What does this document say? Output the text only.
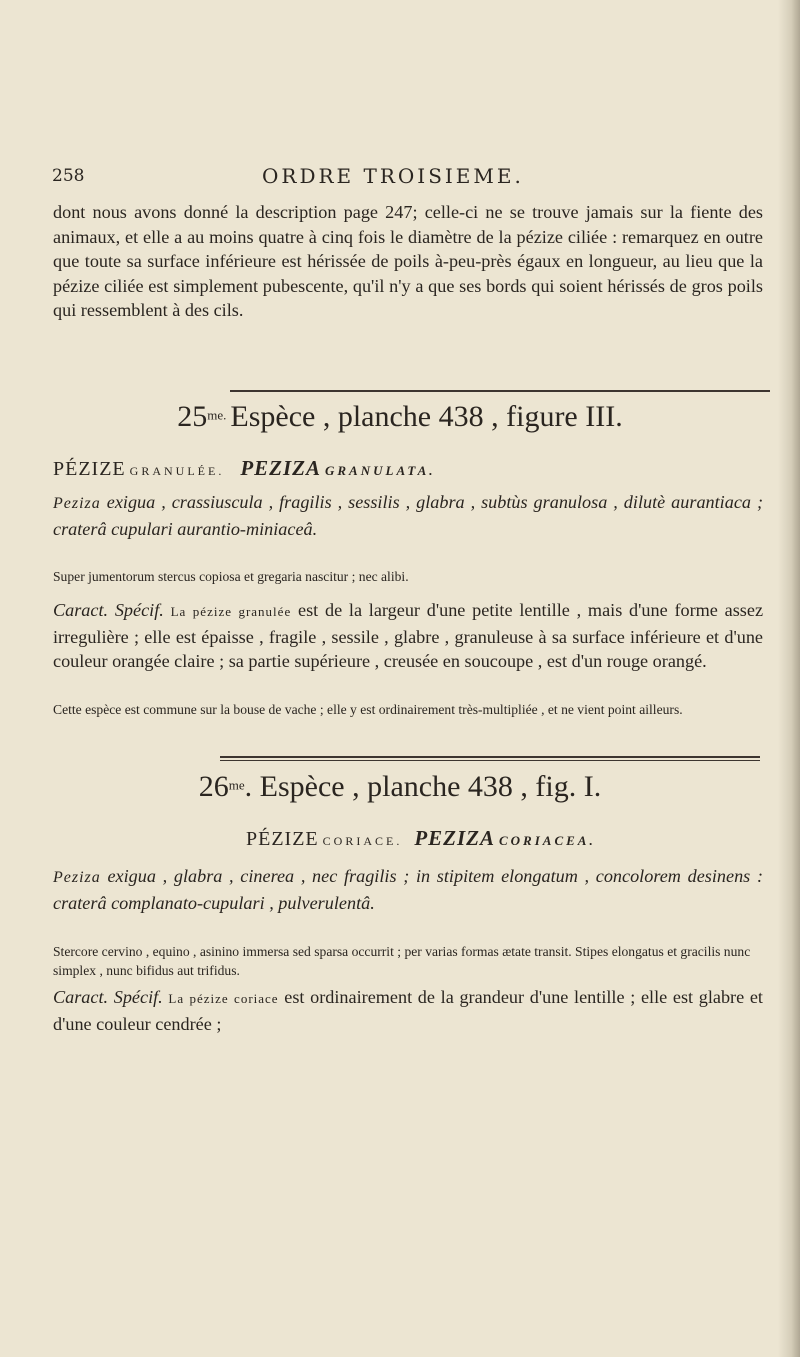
258	ORDRE TROISIEME.
dont nous avons donné la description page 247; celle-ci ne se trouve jamais sur la fiente des animaux, et elle a au moins quatre à cinq fois le diamètre de la pézize ciliée : remarquez en outre que toute sa surface inférieure est hérissée de poils à-peu-près égaux en longueur, au lieu que la pézize ciliée est simplement pubescente, qu'il n'y a que ses bords qui soient hérissés de gros poils qui ressemblent à des cils.
$25^{me.}$ Espèce , planche 438 , figure III.
PÉZIZE GRANULÉE. PEZIZA GRANULATA.
Peziza exigua , crassiuscula , fragilis , sessilis , glabra , subtùs granulosa , dilutè aurantiaca ; craterâ cupulari aurantio-miniaceâ.
Super jumentorum stercus copiosa et gregaria nascitur ; nec alibi.
Caract. Spécif. La pézize granulée est de la largeur d'une petite lentille , mais d'une forme assez irregulière ; elle est épaisse , fragile , sessile , glabre , granuleuse à sa surface inférieure et d'une couleur orangée claire ; sa partie supérieure , creusée en soucoupe , est d'un rouge orangé.
Cette espèce est commune sur la bouse de vache ; elle y est ordinairement très-multipliée , et ne vient point ailleurs.
$26^{me}$. Espèce , planche 438 , fig. I.
PÉZIZE CORIACE. PEZIZA CORIACEA.
Peziza exigua , glabra , cinerea , nec fragilis ; in stipitem elongatum , concolorem desinens : craterâ complanato-cupulari , pulverulentâ.
Stercore cervino , equino , asinino immersa sed sparsa occurrit ; per varias formas ætate transit. Stipes elongatus et gracilis nunc simplex , nunc bifidus aut trifidus.
Caract. Spécif. La pézize coriace est ordinairement de la grandeur d'une lentille ; elle est glabre et d'une couleur cendrée ;
